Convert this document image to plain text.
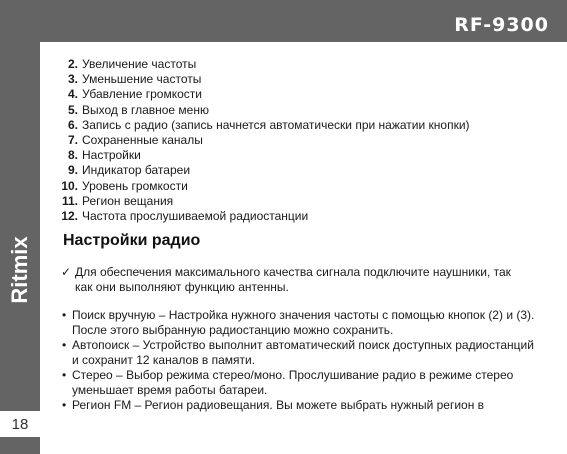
RF-9300
Ritmix
18
2. Увеличение частоты
3. Уменьшение частоты
4. Убавление громкости
5. Выход в главное меню
6. Запись с радио (запись начнется автоматически при нажатии кнопки)
7. Сохраненные каналы
8. Настройки
9. Индикатор батареи
10. Уровень громкости
11. Регион вещания
12. Частота прослушиваемой радиостанции
Настройки радио
✓ Для обеспечения максимального качества сигнала подключите наушники, так как они выполняют функцию антенны.
• Поиск вручную – Настройка нужного значения частоты с помощью кнопок (2) и (3). После этого выбранную радиостанцию можно сохранить.
• Автопоиск – Устройство выполнит автоматический поиск доступных радиостанций и сохранит 12 каналов в памяти.
• Стерео – Выбор режима стерео/моно. Прослушивание радио в режиме стерео уменьшает время работы батареи.
• Регион FM – Регион радиовещания. Вы можете выбрать нужный регион в
